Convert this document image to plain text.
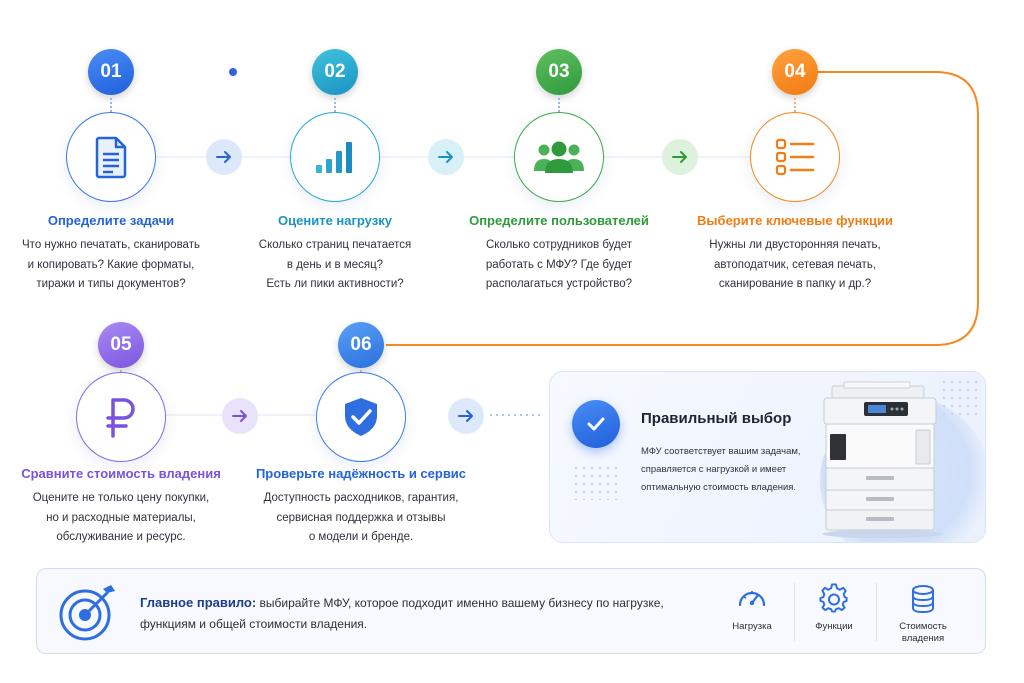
01
Определите задачи
Что нужно печатать, сканировать
и копировать? Какие форматы,
тиражи и типы документов?
02
Оцените нагрузку
Сколько страниц печатается
в день и в месяц?
Есть ли пики активности?
03
Определите пользователей
Сколько сотрудников будет
работать с МФУ? Где будет
располагаться устройство?
04
Выберите ключевые функции
Нужны ли двусторонняя печать,
автоподатчик, сетевая печать,
сканирование в папку и др.?
05
Сравните стоимость владения
Оцените не только цену покупки,
но и расходные материалы,
обслуживание и ресурс.
06
Проверьте надёжность и сервис
Доступность расходников, гарантия,
сервисная поддержка и отзывы
о модели и бренде.
Правильный выбор
МФУ соответствует вашим задачам,
справляется с нагрузкой и имеет
оптимальную стоимость владения.
Главное правило: выбирайте МФУ, которое подходит именно вашему бизнесу по нагрузке, функциям и общей стоимости владения.	Нагрузка	Функции	Стоимость владения
